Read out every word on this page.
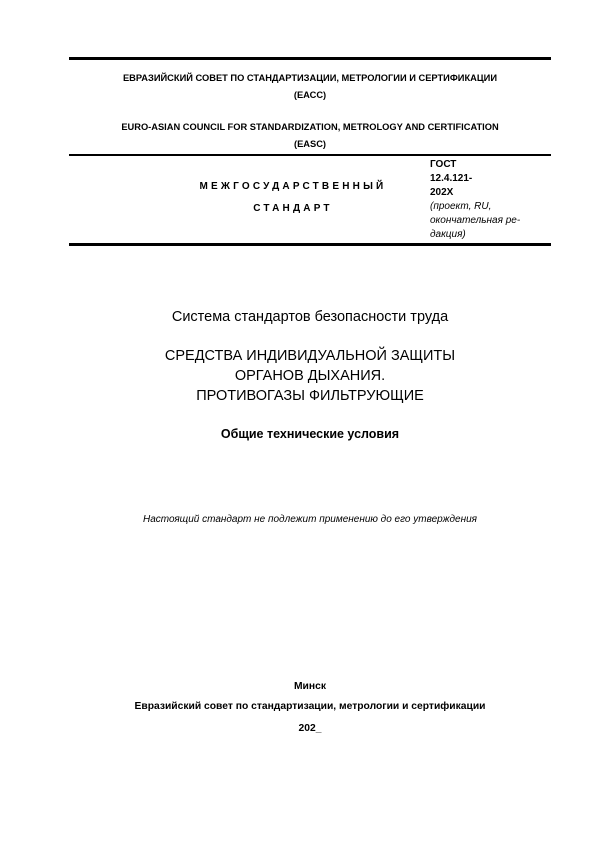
ЕВРАЗИЙСКИЙ СОВЕТ ПО СТАНДАРТИЗАЦИИ, МЕТРОЛОГИИ И СЕРТИФИКАЦИИ
(ЕАСС)
EURO-ASIAN COUNCIL FOR STANDARDIZATION, METROLOGY AND CERTIFICATION
(EASC)
МЕЖГОСУДАРСТВЕННЫЙ
СТАНДАРТ
ГОСТ
12.4.121-
202X
(проект, RU,
окончательная ре-
дакция)
Система стандартов безопасности труда
СРЕДСТВА ИНДИВИДУАЛЬНОЙ ЗАЩИТЫ
ОРГАНОВ ДЫХАНИЯ.
ПРОТИВОГАЗЫ ФИЛЬТРУЮЩИЕ
Общие технические условия
Настоящий стандарт не подлежит применению до его утверждения
Минск
Евразийский совет по стандартизации, метрологии и сертификации
202_
